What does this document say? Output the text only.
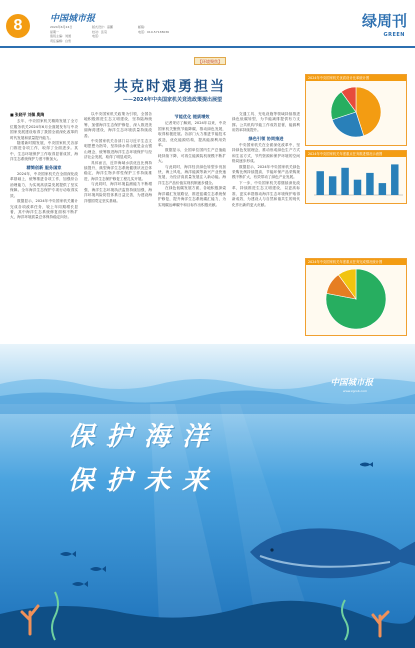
8	中国城市报
2024年6月24日
星期一
值班主编：刘道
责任编辑：白雪
版式设计：高鹏
校对：张景
电话：
邮箱：
电话：010-57138036
绿周刊
GREEN
【环境聚焦】
共克时艰勇担当
——2024年中央国家机关竞选政策提出展望

■ 张晓平 刘佩 奥陶

去年，中央国家机关精简发展了全方位服务机关2024年6月全面展发布与中央国家发展建设取得了我国全面深化改革的时代发展和质量提升能力。

随着新时期发展，中央国家机关各部门推进各项工作，取得了全面进步。其中，生态环境保护工作取得显著成效，海洋生态系统保护力度不断加大。

精简创新 服务国家

2024年，中央国家机关在全面深化改革基础上，统筹推进各项工作，加强综合治理能力，为实现高质量发展提供了坚实保障。全年海洋生态保护专项行动取得实效。

数据显示，2024年中央国家机关累计完成各项改革任务，较上年同期增长显著，其中海洋生态系统修复面积不断扩大，海洋环境质量总体保持稳定向好。

以中央国家机关政策为引领，全国各地积极推进生态文明建设，坚持陆海统筹，加强海洋生态保护修复，深入推进美丽海湾建设，海洋生态环境质量持续改善。

中央国家机关各部门以习近平生态文明思想为指导，坚持绿水青山就是金山银山理念，统筹推进海洋生态环境保护与经济社会发展，取得了明显成效。

具体而言，近岸海域水质优良比例持续提升，典型海洋生态系统健康状况总体稳定，海洋生物多样性保护工作持续推进，海洋生态保护修复工程扎实开展。

与此同时，海洋环境监测能力不断增强，海洋生态环境执法监管持续加强，海洋环境风险防控体系日益完善，为建设海洋强国奠定坚实基础。

节能优化 提质增效

记者采访了解到，2024年以来，中央国家机关聚焦节能降碳，推动绿色发展，取得积极进展。各部门大力推进节能技术改造，优化能源结构，提高能源利用效率。

数据显示，全国单位国内生产总值能耗持续下降，可再生能源装机规模不断扩大。

与此同时，海洋经济绿色转型步伐加快，海上风电、海洋能源等新兴产业快速发展，为经济高质量发展注入新动能。海洋生态产品价值实现机制逐步健全。

在绿色低碳发展方面，各地积极探索海洋碳汇发展路径，推进蓝碳生态系统保护修复，提升海洋生态系统碳汇能力，为实现碳达峰碳中和目标作出积极贡献。

交通工具、充电设施等领域持续推进绿色低碳转型，为节能减排提供有力支撑。公共机构节能工作成效显著，能源利用效率持续提升。

绿色引领 协同推进

中央国家机关在全面深化改革中，坚持绿色发展理念，推动形成绿色生产方式和生活方式，节约资源和保护环境的空间格局逐步形成。

数据显示，2024年中央国家机关绿色采购比例持续提高，节能环保产品采购规模不断扩大，有效带动了绿色产业发展。

下一步，中央国家机关将继续深化改革，持续推进生态文明建设，以更高标准、更实举措推动海洋生态环境保护取得新成效，为建设人与自然和谐共生的现代化作出新的更大贡献。

2024年中央国家机关优质设计比率统计图
2024年中央国家机关年度重点任务推进情况示意图
2024年中央国家机关年度重点任务完成情况统计图
中国城市报
www.zgcsb.com
保护海洋
保护未来
